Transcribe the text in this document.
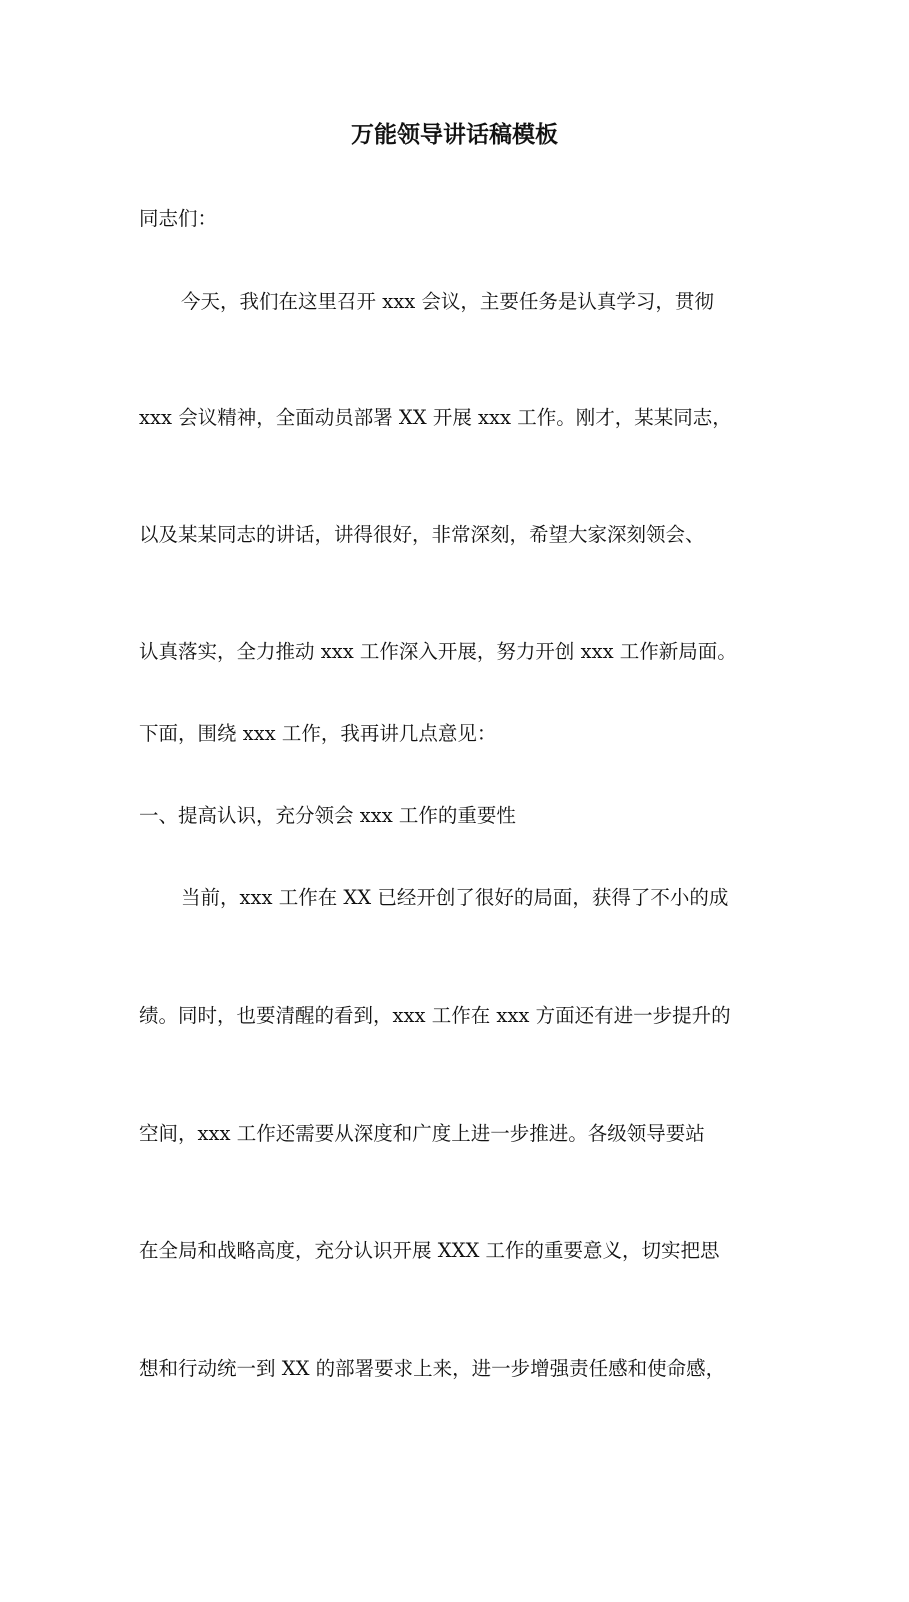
万能领导讲话稿模板
同志们：
今天，我们在这里召开 xxx 会议，主要任务是认真学习，贯彻
xxx 会议精神，全面动员部署 XX 开展 xxx 工作。刚才，某某同志，
以及某某同志的讲话，讲得很好，非常深刻，希望大家深刻领会、
认真落实，全力推动 xxx 工作深入开展，努力开创 xxx 工作新局面。
下面，围绕 xxx 工作，我再讲几点意见：
一、提高认识，充分领会 xxx 工作的重要性
当前，xxx 工作在 XX 已经开创了很好的局面，获得了不小的成
绩。同时，也要清醒的看到，xxx 工作在 xxx 方面还有进一步提升的
空间，xxx 工作还需要从深度和广度上进一步推进。各级领导要站
在全局和战略高度，充分认识开展 XXX 工作的重要意义，切实把思
想和行动统一到 XX 的部署要求上来，进一步增强责任感和使命感，
